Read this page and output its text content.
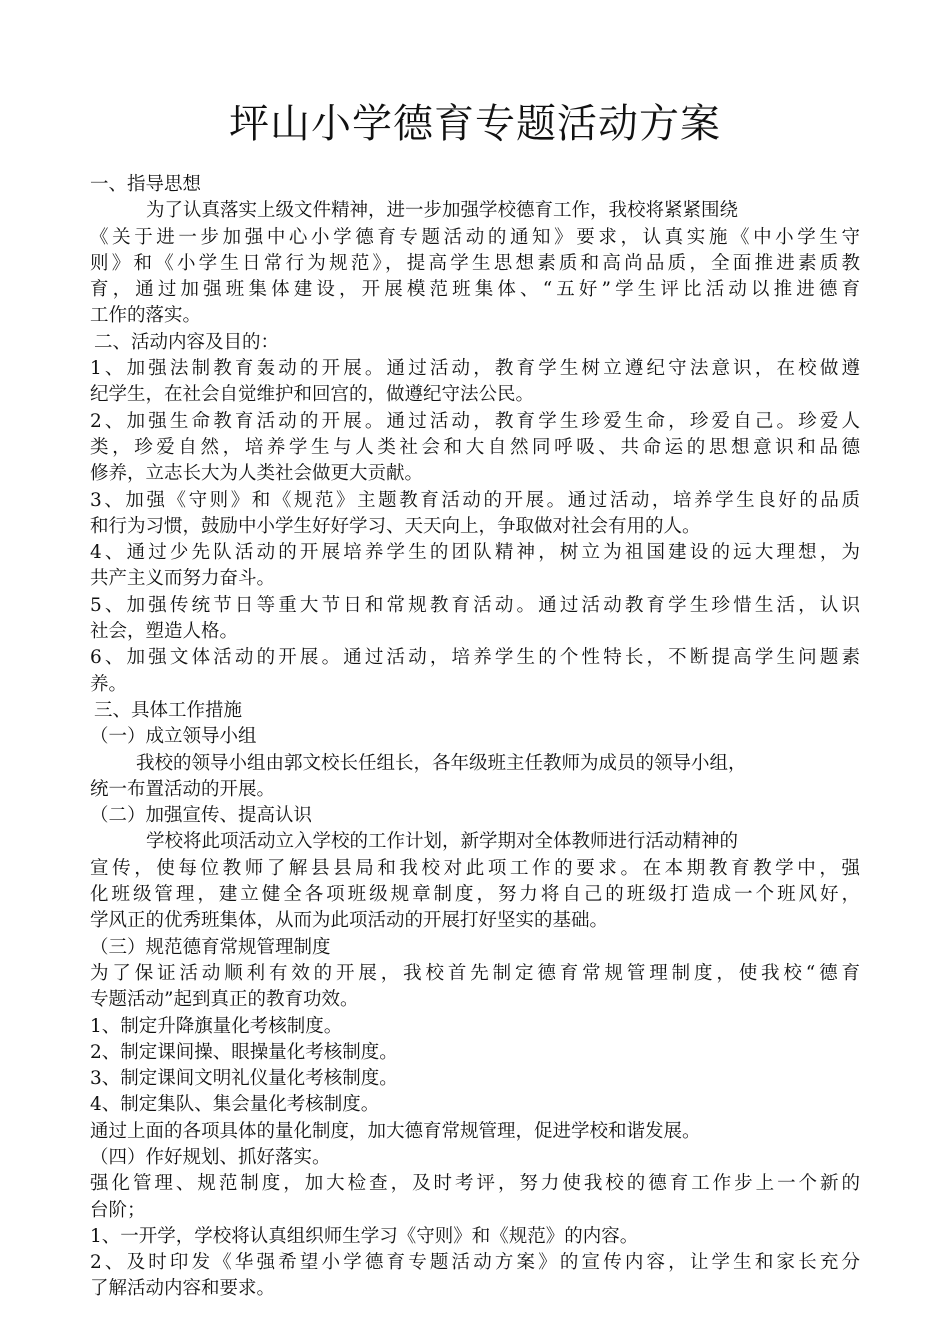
坪山小学德育专题活动方案
一、指导思想
为了认真落实上级文件精神，进一步加强学校德育工作，我校将紧紧围绕
《关于进一步加强中心小学德育专题活动的通知》要求，认真实施《中小学生守
则》和《小学生日常行为规范》，提高学生思想素质和高尚品质，全面推进素质教
育，通过加强班集体建设，开展模范班集体、“五好”学生评比活动以推进德育
工作的落实。
二、活动内容及目的：
1、加强法制教育轰动的开展。通过活动，教育学生树立遵纪守法意识，在校做遵
纪学生，在社会自觉维护和回宫的，做遵纪守法公民。
2、加强生命教育活动的开展。通过活动，教育学生珍爱生命，珍爱自己。珍爱人
类，珍爱自然，培养学生与人类社会和大自然同呼吸、共命运的思想意识和品德
修养，立志长大为人类社会做更大贡献。
3、加强《守则》和《规范》主题教育活动的开展。通过活动，培养学生良好的品质
和行为习惯，鼓励中小学生好好学习、天天向上，争取做对社会有用的人。
4、通过少先队活动的开展培养学生的团队精神，树立为祖国建设的远大理想，为
共产主义而努力奋斗。
5、加强传统节日等重大节日和常规教育活动。通过活动教育学生珍惜生活，认识
社会，塑造人格。
6、加强文体活动的开展。通过活动，培养学生的个性特长，不断提高学生问题素
养。
三、具体工作措施
（一）成立领导小组
我校的领导小组由郭文校长任组长，各年级班主任教师为成员的领导小组，
统一布置活动的开展。
（二）加强宣传、提高认识
学校将此项活动立入学校的工作计划，新学期对全体教师进行活动精神的
宣传，使每位教师了解县县局和我校对此项工作的要求。在本期教育教学中，强
化班级管理，建立健全各项班级规章制度，努力将自己的班级打造成一个班风好，
学风正的优秀班集体，从而为此项活动的开展打好坚实的基础。
（三）规范德育常规管理制度
为了保证活动顺利有效的开展，我校首先制定德育常规管理制度，使我校“德育
专题活动”起到真正的教育功效。
1、制定升降旗量化考核制度。
2、制定课间操、眼操量化考核制度。
3、制定课间文明礼仪量化考核制度。
4、制定集队、集会量化考核制度。
通过上面的各项具体的量化制度，加大德育常规管理，促进学校和谐发展。
（四）作好规划、抓好落实。
强化管理、规范制度，加大检查，及时考评，努力使我校的德育工作步上一个新的
台阶；
1、一开学，学校将认真组织师生学习《守则》和《规范》的内容。
2、及时印发《华强希望小学德育专题活动方案》的宣传内容，让学生和家长充分
了解活动内容和要求。
